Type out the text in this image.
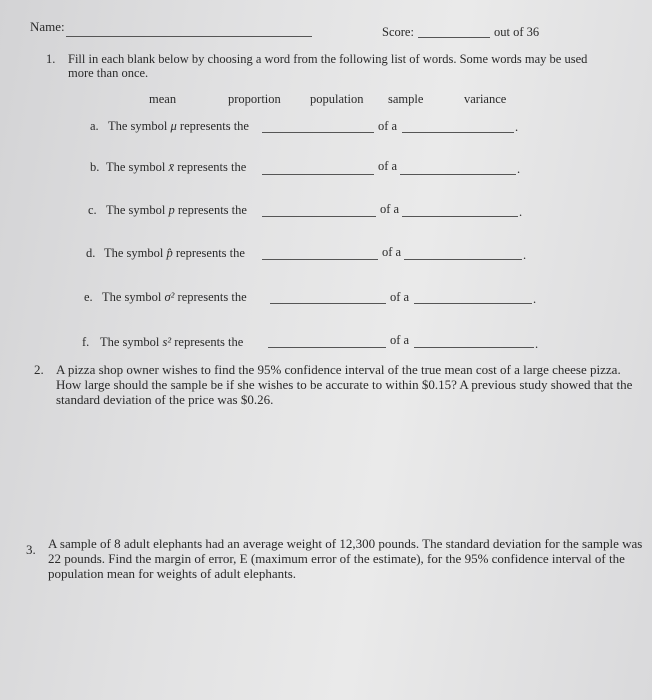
Name:	Score:	out of 36
1. Fill in each blank below by choosing a word from the following list of words. Some words may be used
more than once.
mean	proportion population sample	variance
a. The symbol μ represents the	of a	.
b. The symbol x̄ represents the	of a	.
c. The symbol p represents the	of a	.
d. The symbol p̂ represents the	of a	.
e. The symbol σ² represents the	of a	.
f. The symbol s² represents the	of a	.
2. A pizza shop owner wishes to find the 95% confidence interval of the true mean cost of a large cheese pizza. How large should the sample be if she wishes to be accurate to within $0.15? A previous study showed that the standard deviation of the price was $0.26.
3. A sample of 8 adult elephants had an average weight of 12,300 pounds. The standard deviation for the sample was 22 pounds. Find the margin of error, E (maximum error of the estimate), for the 95% confidence interval of the population mean for weights of adult elephants.
